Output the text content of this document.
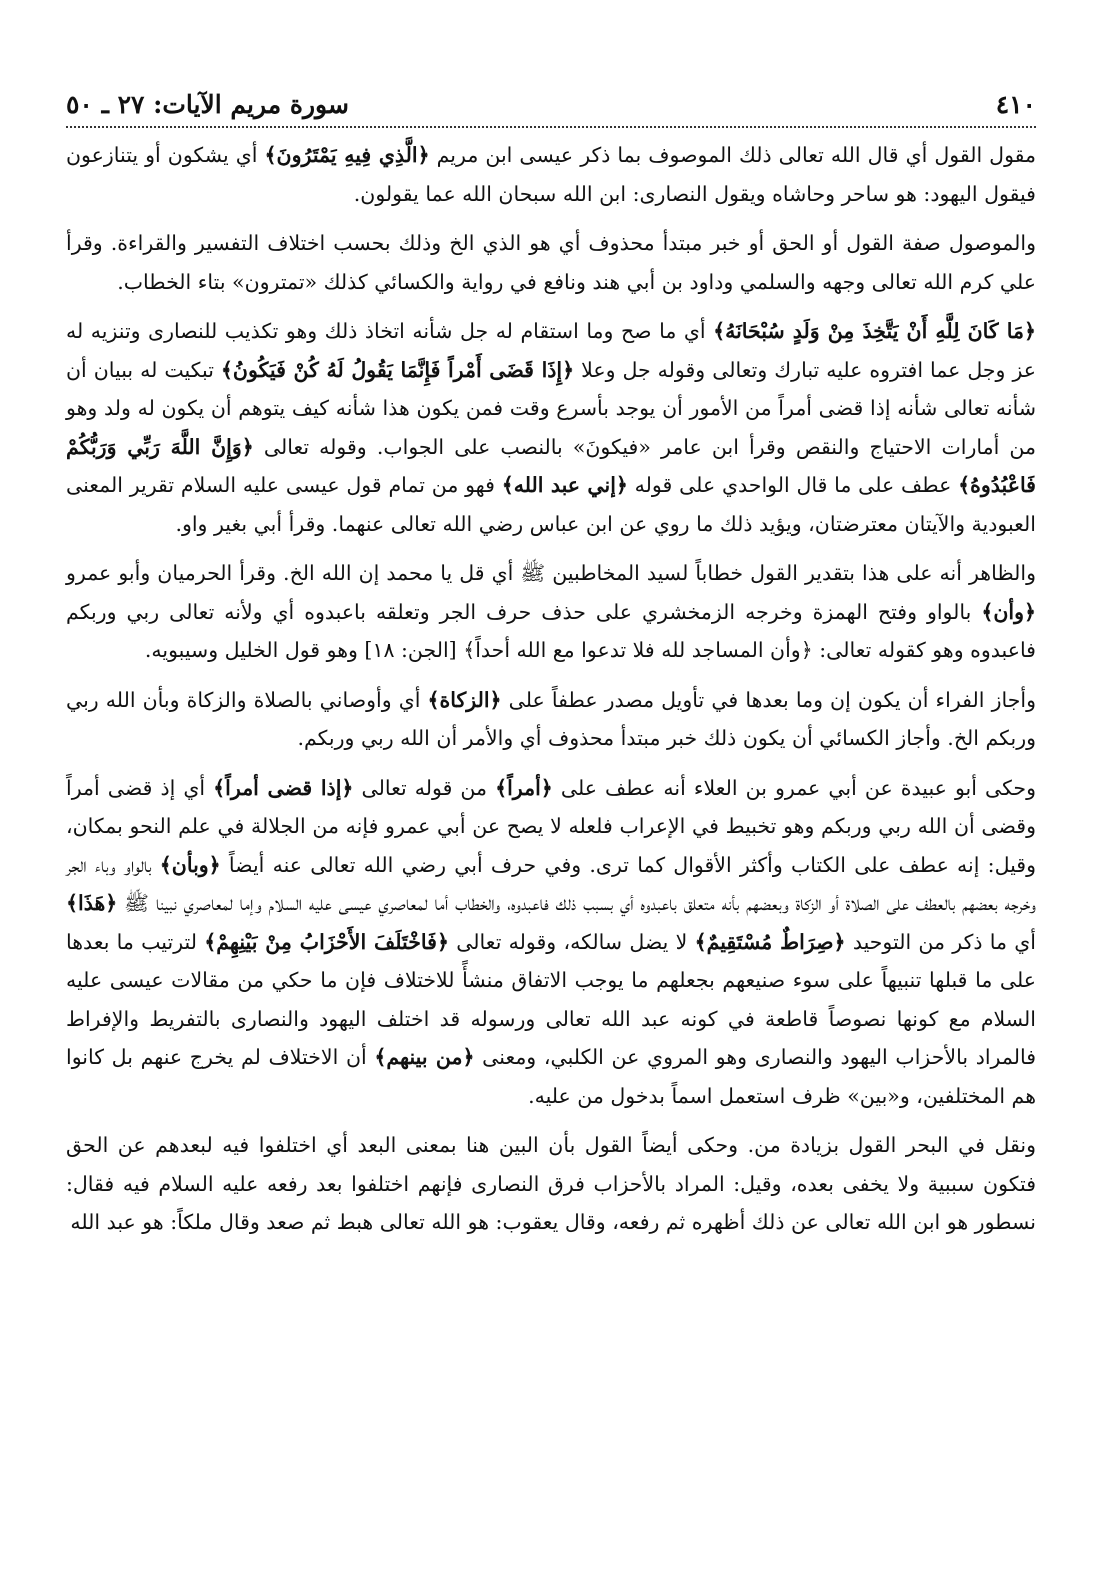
٤١٠
سورة مريم الآيات: ٢٧ ـ ٥٠

مقول القول أي قال الله تعالى ذلك الموصوف بما ذكر عيسى ابن مريم ﴿الَّذِي فِيهِ يَمْتَرُونَ﴾ أي يشكون أو يتنازعون فيقول اليهود: هو ساحر وحاشاه ويقول النصارى: ابن الله سبحان الله عما يقولون.

والموصول صفة القول أو الحق أو خبر مبتدأ محذوف أي هو الذي الخ وذلك بحسب اختلاف التفسير والقراءة. وقرأ علي كرم الله تعالى وجهه والسلمي وداود بن أبي هند ونافع في رواية والكسائي كذلك «تمترون» بتاء الخطاب.

﴿مَا كَانَ لِلَّهِ أَنْ يَتَّخِذَ مِنْ وَلَدٍ سُبْحَانَهُ﴾ أي ما صح وما استقام له جل شأنه اتخاذ ذلك وهو تكذيب للنصارى وتنزيه له عز وجل عما افتروه عليه تبارك وتعالى وقوله جل وعلا ﴿إِذَا قَضَى أَمْراً فَإِنَّمَا يَقُولُ لَهُ كُنْ فَيَكُونُ﴾ تبكيت له ببيان أن شأنه تعالى شأنه إذا قضى أمراً من الأمور أن يوجد بأسرع وقت فمن يكون هذا شأنه كيف يتوهم أن يكون له ولد وهو من أمارات الاحتياج والنقص وقرأ ابن عامر «فيكونَ» بالنصب على الجواب. وقوله تعالى ﴿وَإِنَّ اللَّهَ رَبِّي وَرَبُّكُمْ فَاعْبُدُوهُ﴾ عطف على ما قال الواحدي على قوله ﴿إني عبد الله﴾ فهو من تمام قول عيسى عليه السلام تقرير المعنى العبودية والآيتان معترضتان، ويؤيد ذلك ما روي عن ابن عباس رضي الله تعالى عنهما. وقرأ أبي بغير واو.

والظاهر أنه على هذا بتقدير القول خطاباً لسيد المخاطبين ﷺ أي قل يا محمد إن الله الخ. وقرأ الحرميان وأبو عمرو ﴿وأن﴾ بالواو وفتح الهمزة وخرجه الزمخشري على حذف حرف الجر وتعلقه باعبدوه أي ولأنه تعالى ربي وربكم فاعبدوه وهو كقوله تعالى: ﴿وأن المساجد لله فلا تدعوا مع الله أحداً﴾ [الجن: ١٨] وهو قول الخليل وسيبويه.

وأجاز الفراء أن يكون إن وما بعدها في تأويل مصدر عطفاً على ﴿الزكاة﴾ أي وأوصاني بالصلاة والزكاة وبأن الله ربي وربكم الخ. وأجاز الكسائي أن يكون ذلك خبر مبتدأ محذوف أي والأمر أن الله ربي وربكم.

وحكى أبو عبيدة عن أبي عمرو بن العلاء أنه عطف على ﴿أمراً﴾ من قوله تعالى ﴿إذا قضى أمراً﴾ أي إذ قضى أمراً وقضى أن الله ربي وربكم وهو تخبيط في الإعراب فلعله لا يصح عن أبي عمرو فإنه من الجلالة في علم النحو بمكان، وقيل: إنه عطف على الكتاب وأكثر الأقوال كما ترى. وفي حرف أبي رضي الله تعالى عنه أيضاً ﴿وبأن﴾ بالواو وباء الجر وخرجه بعضهم بالعطف على الصلاة أو الزكاة وبعضهم بأنه متعلق باعبدوه أي بسبب ذلك فاعبدوه، والخطاب أما لمعاصري عيسى عليه السلام وإما لمعاصري نبينا ﷺ ﴿هَذَا﴾ أي ما ذكر من التوحيد ﴿صِرَاطٌ مُسْتَقِيمٌ﴾ لا يضل سالكه، وقوله تعالى ﴿فَاخْتَلَفَ الأَحْزَابُ مِنْ بَيْنِهِمْ﴾ لترتيب ما بعدها على ما قبلها تنبيهاً على سوء صنيعهم بجعلهم ما يوجب الاتفاق منشأً للاختلاف فإن ما حكي من مقالات عيسى عليه السلام مع كونها نصوصاً قاطعة في كونه عبد الله تعالى ورسوله قد اختلف اليهود والنصارى بالتفريط والإفراط فالمراد بالأحزاب اليهود والنصارى وهو المروي عن الكلبي، ومعنى ﴿من بينهم﴾ أن الاختلاف لم يخرج عنهم بل كانوا هم المختلفين، و«بين» ظرف استعمل اسماً بدخول من عليه.

ونقل في البحر القول بزيادة من. وحكى أيضاً القول بأن البين هنا بمعنى البعد أي اختلفوا فيه لبعدهم عن الحق فتكون سببية ولا يخفى بعده، وقيل: المراد بالأحزاب فرق النصارى فإنهم اختلفوا بعد رفعه عليه السلام فيه فقال: نسطور هو ابن الله تعالى عن ذلك أظهره ثم رفعه، وقال يعقوب: هو الله تعالى هبط ثم صعد وقال ملكاً: هو عبد الله
